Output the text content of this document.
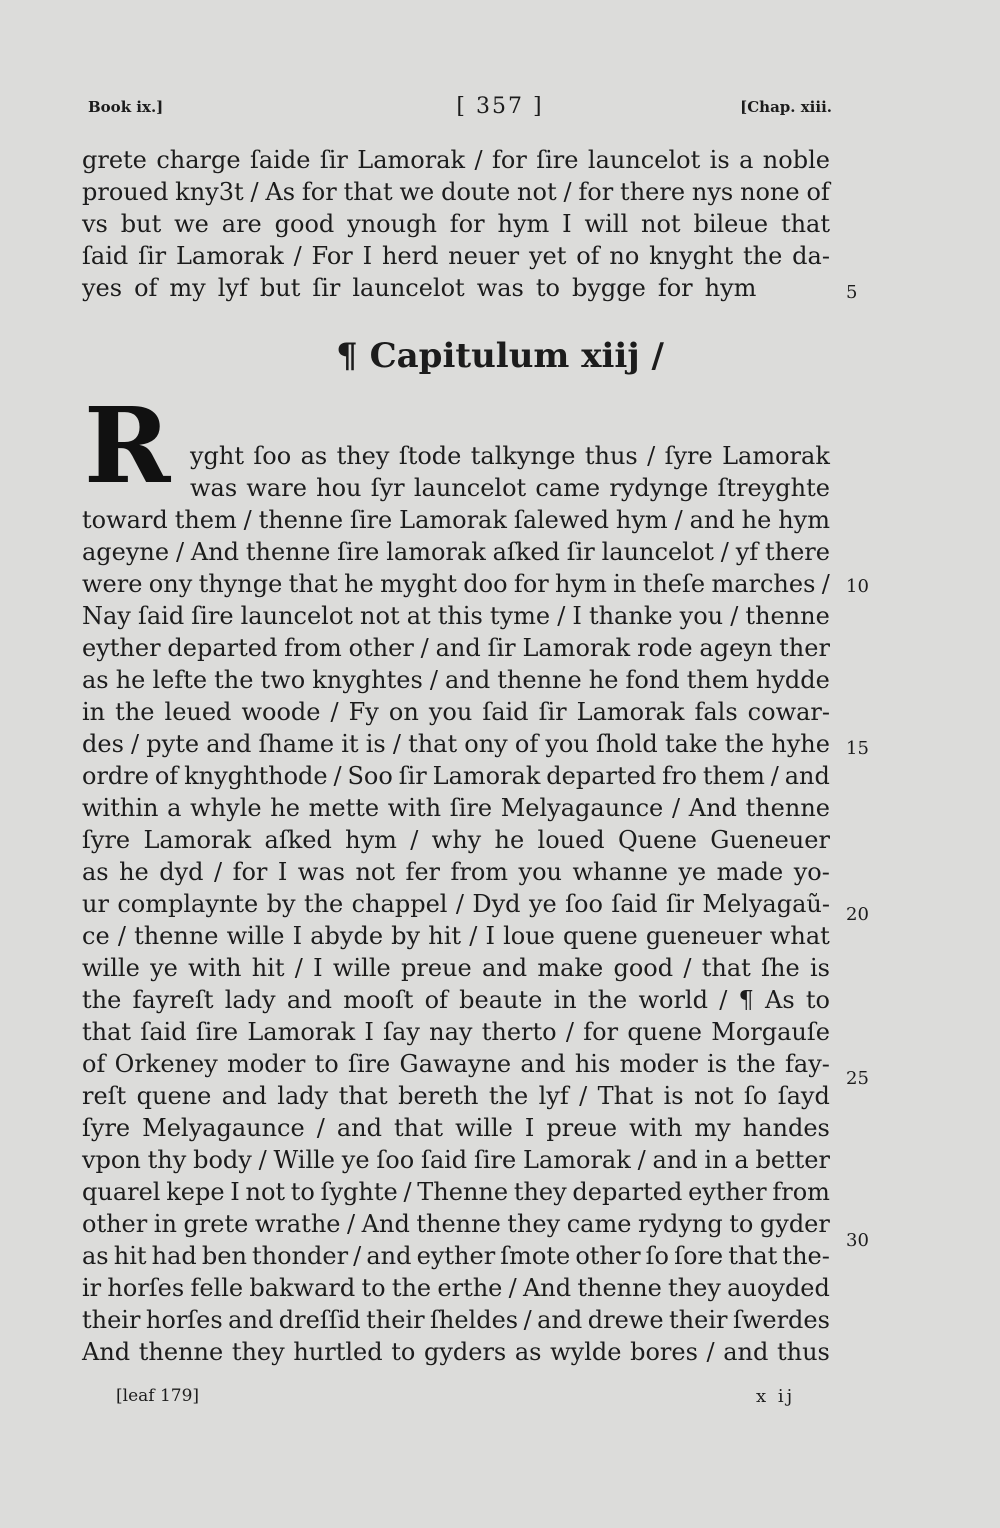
Book ix.]	[ 357 ]	[Chap. xiii.
¶ Capitulum xiij /
R
grete charge ſaide ſir Lamorak / for ſire launcelot is a noble
proued kny3t / As for that we doute not / for there nys none of
vs but we are good ynough for hym I will not bileue that
ſaid ſir Lamorak / For I herd neuer yet of no knyght the da-
yes of my lyf but ſir launcelot was to bygge for hym
yght ſoo as they ſtode talkynge thus / ſyre Lamorak
was ware hou ſyr launcelot came rydynge ſtreyghte
toward them / thenne ſire Lamorak ſalewed hym / and he hym
ageyne / And thenne ſire lamorak aſked ſir launcelot / yf there
were ony thynge that he myght doo for hym in theſe marches /
Nay ſaid ſire launcelot not at this tyme / I thanke you / thenne
eyther departed from other / and ſir Lamorak rode ageyn ther
as he lefte the two knyghtes / and thenne he fond them hydde
in the leued woode / Fy on you ſaid ſir Lamorak fals cowar-
des / pyte and ſhame it is / that ony of you ſhold take the hyhe
ordre of knyghthode / Soo ſir Lamorak departed fro them / and
within a whyle he mette with ſire Melyagaunce / And thenne
ſyre Lamorak aſked hym / why he loued Quene Gueneuer
as he dyd / for I was not fer from you whanne ye made yo-
ur complaynte by the chappel / Dyd ye ſoo ſaid ſir Melyagaũ-
ce / thenne wille I abyde by hit / I loue quene gueneuer what
wille ye with hit / I wille preue and make good / that ſhe is
the fayreſt lady and mooſt of beaute in the world / ¶ As to
that ſaid ſire Lamorak I ſay nay therto / for quene Morgauſe
of Orkeney moder to ſire Gawayne and his moder is the fay-
reſt quene and lady that bereth the lyf / That is not ſo ſayd
ſyre Melyagaunce / and that wille I preue with my handes
vpon thy body / Wille ye ſoo ſaid ſire Lamorak / and in a better
quarel kepe I not to ſyghte / Thenne they departed eyther from
other in grete wrathe / And thenne they came rydyng to gyder
as hit had ben thonder / and eyther ſmote other ſo ſore that the-
ir horſes felle bakward to the erthe / And thenne they auoyded
their horſes and dreſſid their ſheldes / and drewe their ſwerdes
And thenne they hurtled to gyders as wylde bores / and thus
5
10
15
20
25
30
[leaf 179]	x ij
